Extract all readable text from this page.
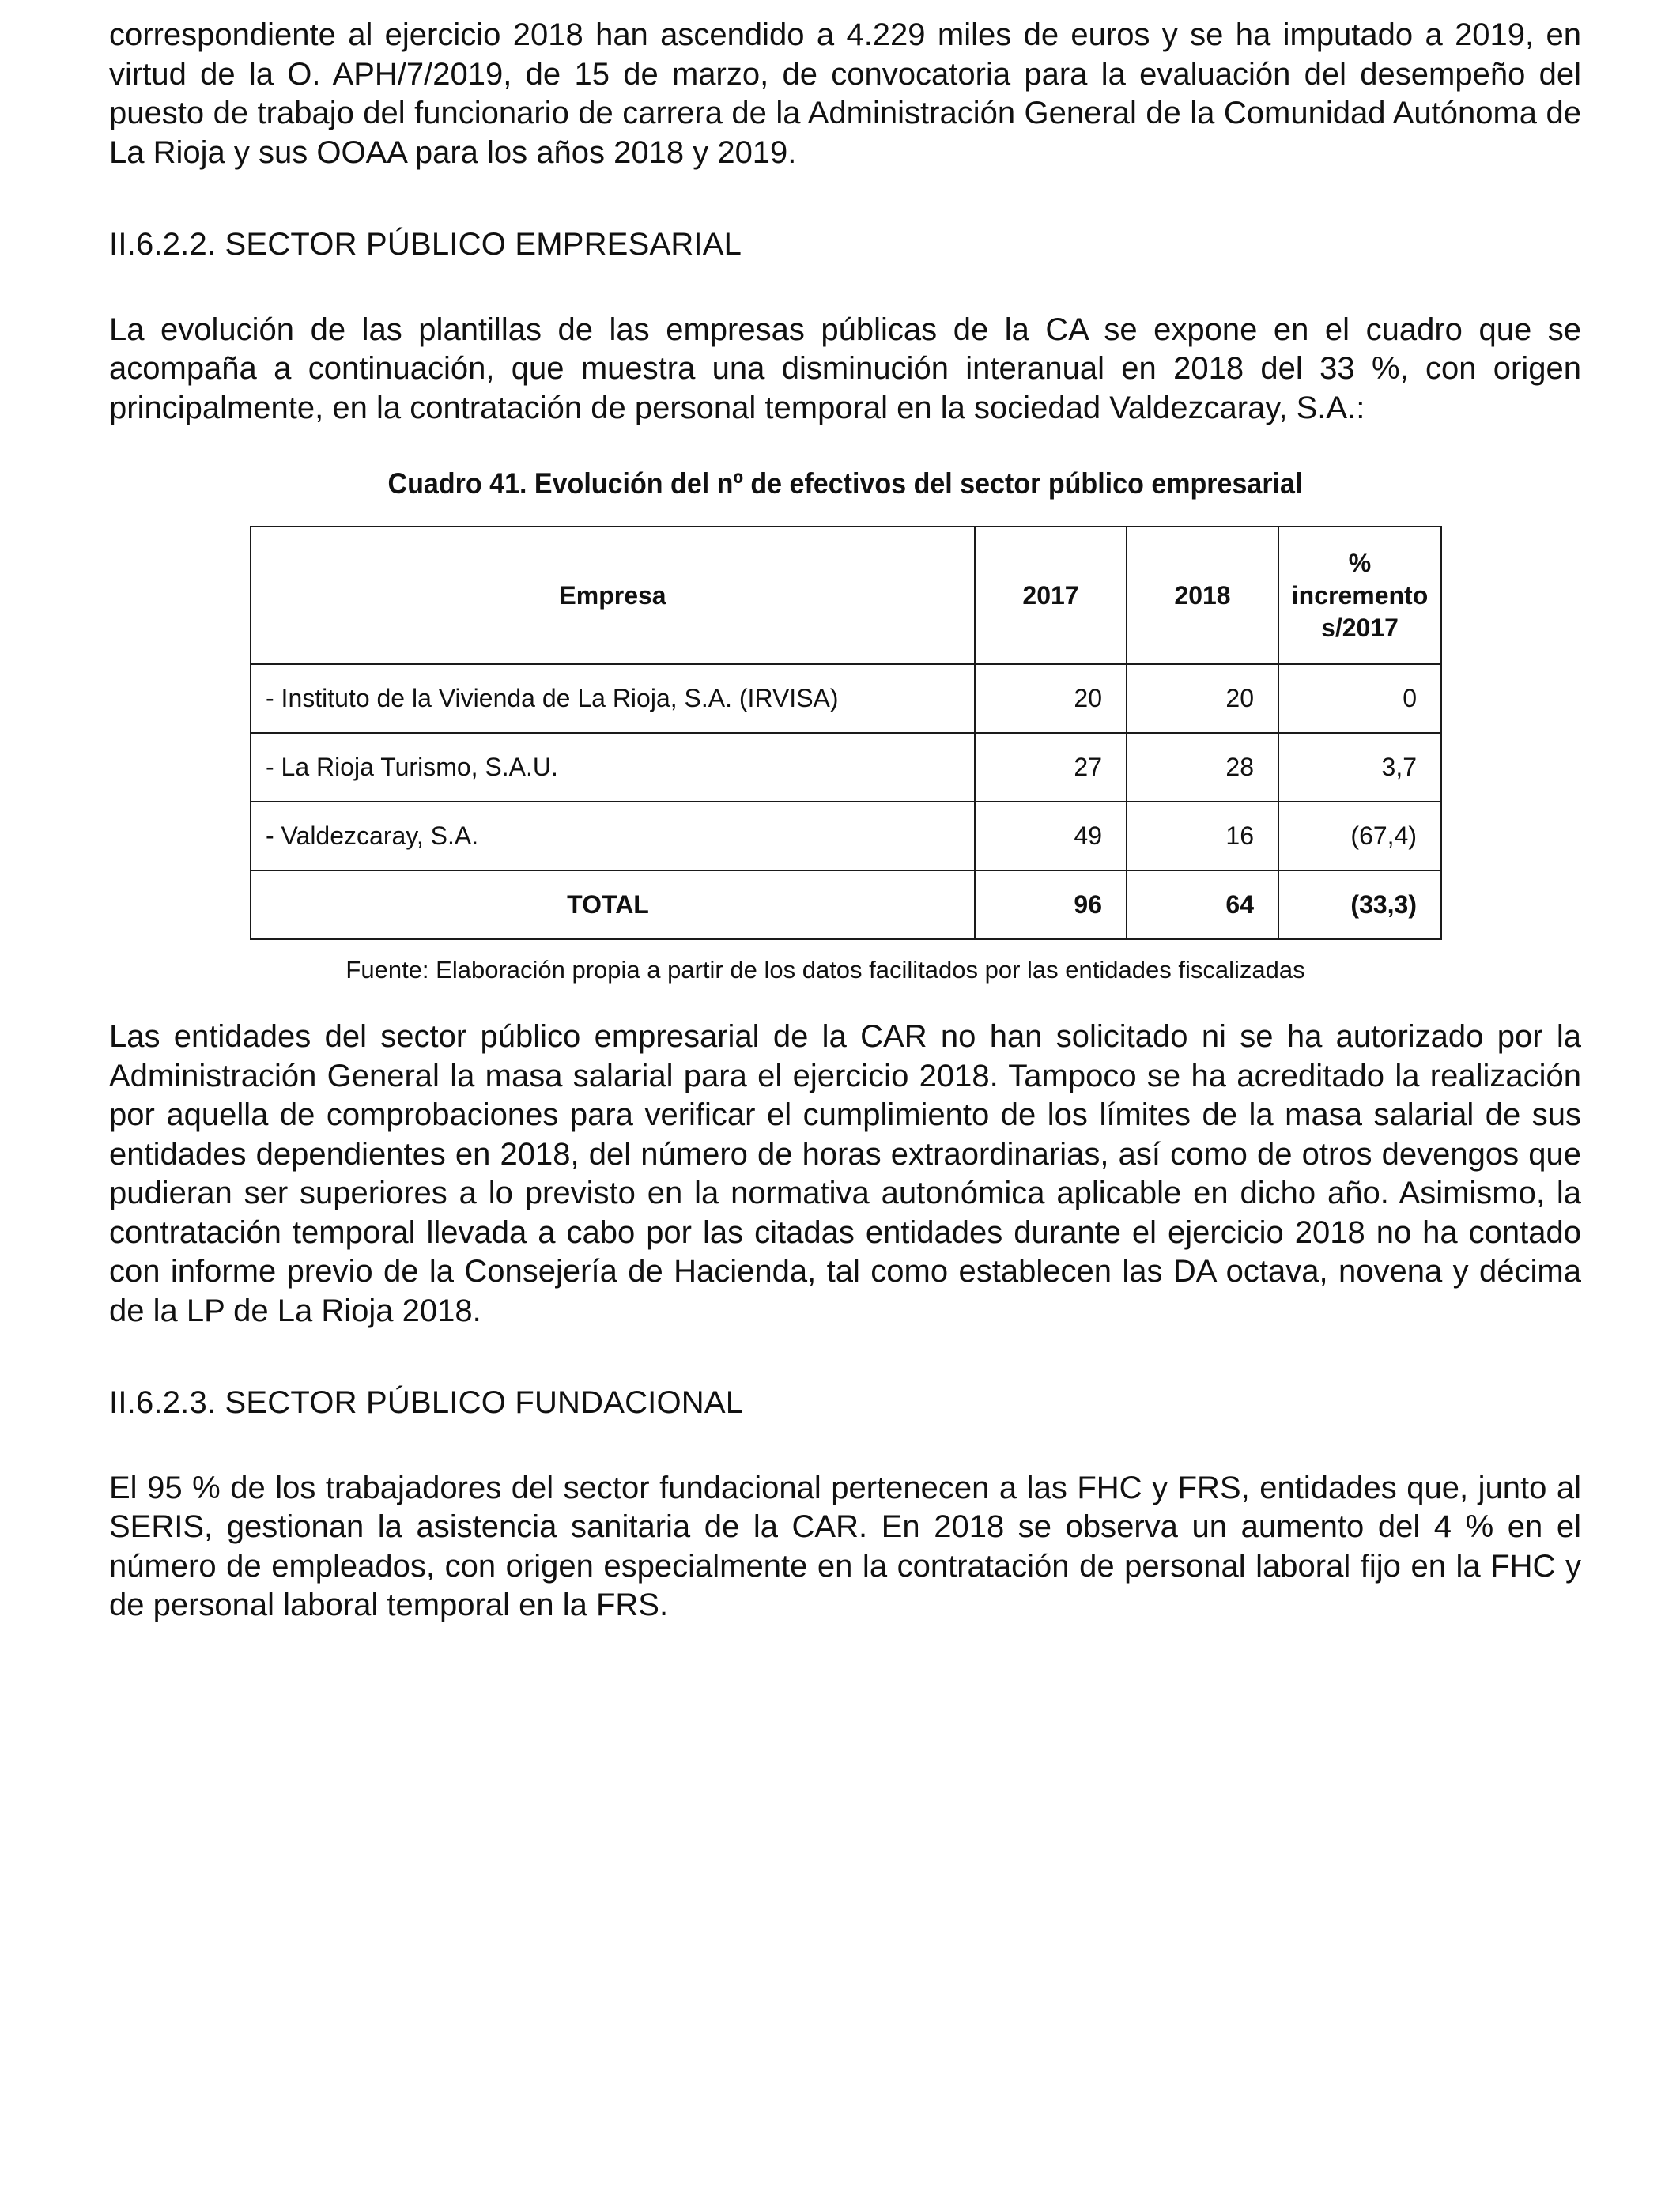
correspondiente al ejercicio 2018 han ascendido a 4.229 miles de euros y se ha imputado a 2019, en virtud de la O. APH/7/2019, de 15 de marzo, de convocatoria para la evaluación del desempeño del puesto de trabajo del funcionario de carrera de la Administración General de la Comunidad Autónoma de La Rioja y sus OOAA para los años 2018 y 2019.

II.6.2.2. SECTOR PÚBLICO EMPRESARIAL

La evolución de las plantillas de las empresas públicas de la CA se expone en el cuadro que se acompaña a continuación, que muestra una disminución interanual en 2018 del 33 %, con origen principalmente, en la contratación de personal temporal en la sociedad Valdezcaray, S.A.:

Cuadro 41. Evolución del nº de efectivos del sector público empresarial

Empresa	2017	2018	%
incremento
s/2017
- Instituto de la Vivienda de La Rioja, S.A. (IRVISA)	20	20	0
- La Rioja Turismo, S.A.U.	27	28	3,7
- Valdezcaray, S.A.	49	16	(67,4)
TOTAL	96	64	(33,3)

Fuente: Elaboración propia a partir de los datos facilitados por las entidades fiscalizadas

Las entidades del sector público empresarial de la CAR no han solicitado ni se ha autorizado por la Administración General la masa salarial para el ejercicio 2018. Tampoco se ha acreditado la realización por aquella de comprobaciones para verificar el cumplimiento de los límites de la masa salarial de sus entidades dependientes en 2018, del número de horas extraordinarias, así como de otros devengos que pudieran ser superiores a lo previsto en la normativa autonómica aplicable en dicho año. Asimismo, la contratación temporal llevada a cabo por las citadas entidades durante el ejercicio 2018 no ha contado con informe previo de la Consejería de Hacienda, tal como establecen las DA octava, novena y décima de la LP de La Rioja 2018.

II.6.2.3. SECTOR PÚBLICO FUNDACIONAL

El 95 % de los trabajadores del sector fundacional pertenecen a las FHC y FRS, entidades que, junto al SERIS, gestionan la asistencia sanitaria de la CAR. En 2018 se observa un aumento del 4 % en el número de empleados, con origen especialmente en la contratación de personal laboral fijo en la FHC y de personal laboral temporal en la FRS.
